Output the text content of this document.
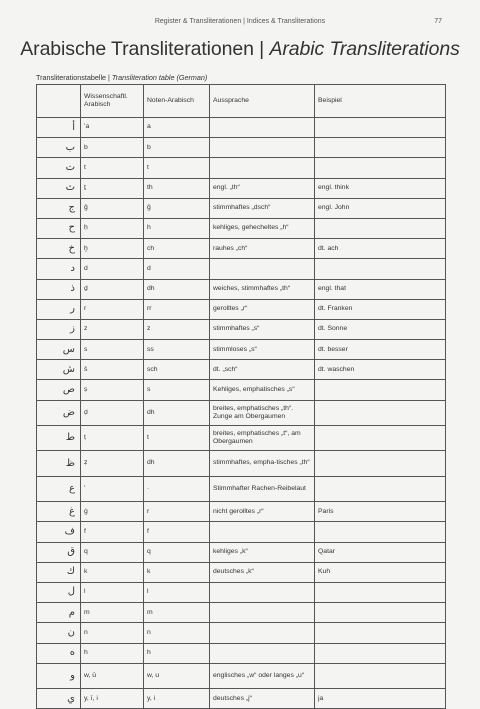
Register & Transliterationen | Indices & Transliterations	77
Arabische Transliterationen | Arabic Transliterations
Transliterationstabelle | Transliteration table (German)
	Wissenschaftl. Arabisch	Noten-Arabisch	Aussprache	Beispiel
أ	ʼa	a		
ب	b	b		
ت	t	t		
ث	ṯ	th	engl. „th“	engl. think
ج	ǧ	ǧ	stimmhaftes „dsch“	engl. John
ح	ḥ	h	kehliges, gehecheltes „h“	
خ	ḫ	ch	rauhes „ch“	dt. ach
د	d	d		
ذ	ḏ	dh	weiches, stimmhaftes „th“	engl. that
ر	r	rr	gerolltes „r“	dt. Franken
ز	z	z	stimmhaftes „s“	dt. Sonne
س	s	ss	stimmloses „s“	dt. besser
ش	š	sch	dt. „sch“	dt. waschen
ص	ṣ	s	Kehliges, emphatisches „s“	
ض	ḍ	dh	breites, emphatisches „th“. Zunge am Obergaumen	
ط	ṭ	t	breites, emphatisches „t“, am Obergaumen	
ظ	ẓ	dh	stimmhaftes, empha-tisches „th“	
ع	ʻ	·	Stimmhafter Rachen-Reibelaut	
غ	ġ	r	nicht gerolltes „r“	Paris
ف	f	f		
ق	q	q	kehliges „k“	Qatar
ك	k	k	deutsches „k“	Kuh
ل	l	l		
م	m	m		
ن	n	n		
ه	h	h		
و	w, ū	w, u	englisches „w“ oder langes „u“	
ي	y, ī, i	y, i	deutsches „j“	ja
